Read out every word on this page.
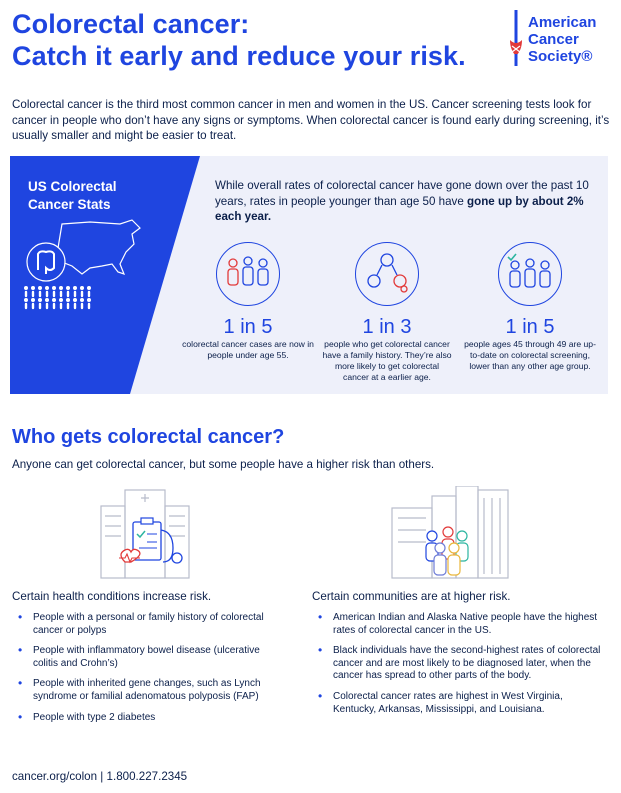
Colorectal cancer:
Catch it early and reduce your risk.
American
Cancer
Society®

Colorectal cancer is the third most common cancer in men and women in the US. Cancer screening tests look for cancer in people who don’t have any signs or symptoms. When colorectal cancer is found early during screening, it’s usually smaller and might be easier to treat.

US Colorectal
Cancer Stats

While overall rates of colorectal cancer have gone down over the past 10 years, rates in people younger than age 50 have gone up by about 2% each year.

1 in 5
colorectal cancer cases are now in people under age 55.
1 in 3
people who get colorectal cancer have a family history. They’re also more likely to get colorectal cancer at a earlier age.
1 in 5
people ages 45 through 49 are up-to-date on colorectal screening, lower than any other age group.
Who gets colorectal cancer?

Anyone can get colorectal cancer, but some people have a higher risk than others.

Certain health conditions increase risk.
• People with a personal or family history of colorectal cancer or polyps
• People with inflammatory bowel disease (ulcerative colitis and Crohn’s)
• People with inherited gene changes, such as Lynch syndrome or familial adenomatous polyposis (FAP)
• People with type 2 diabetes
Certain communities are at higher risk.
• American Indian and Alaska Native people have the highest rates of colorectal cancer in the US.
• Black individuals have the second-highest rates of colorectal cancer and are most likely to be diagnosed later, when the cancer has spread to other parts of the body.
• Colorectal cancer rates are highest in West Virginia, Kentucky, Arkansas, Mississippi, and Louisiana.
cancer.org/colon | 1.800.227.2345
